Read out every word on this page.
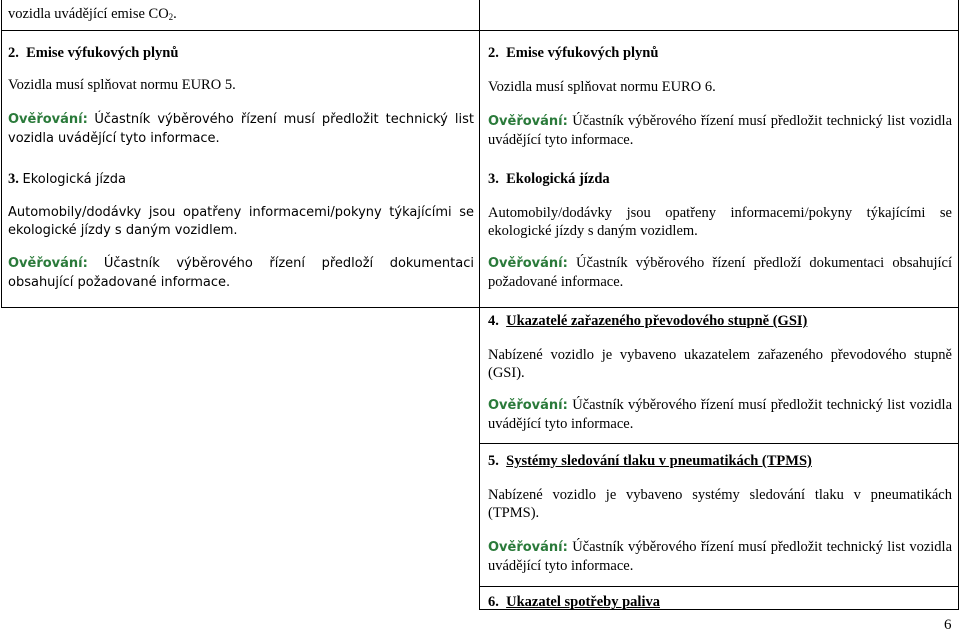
vozidla uvádějící emise $CO_2$.
2. Emise výfukových plynů
Vozidla musí splňovat normu EURO 5.
Ověřování: Účastník výběrového řízení musí předložit technický list vozidla uvádějící tyto informace.
3. Ekologická jízda
Automobily/dodávky jsou opatřeny informacemi/pokyny týkajícími se ekologické jízdy s daným vozidlem.
Ověřování: Účastník výběrového řízení předloží dokumentaci obsahující požadované informace.
2. Emise výfukových plynů
Vozidla musí splňovat normu EURO 6.
Ověřování: Účastník výběrového řízení musí předložit technický list vozidla uvádějící tyto informace.
3. Ekologická jízda
Automobily/dodávky jsou opatřeny informacemi/pokyny týkajícími se ekologické jízdy s daným vozidlem.
Ověřování: Účastník výběrového řízení předloží dokumentaci obsahující požadované informace.
4. Ukazatelé zařazeného převodového stupně (GSI)
Nabízené vozidlo je vybaveno ukazatelem zařazeného převodového stupně (GSI).
Ověřování: Účastník výběrového řízení musí předložit technický list vozidla uvádějící tyto informace.
5. Systémy sledování tlaku v pneumatikách (TPMS)
Nabízené vozidlo je vybaveno systémy sledování tlaku v pneumatikách (TPMS).
Ověřování: Účastník výběrového řízení musí předložit technický list vozidla uvádějící tyto informace.
6. Ukazatel spotřeby paliva
6
